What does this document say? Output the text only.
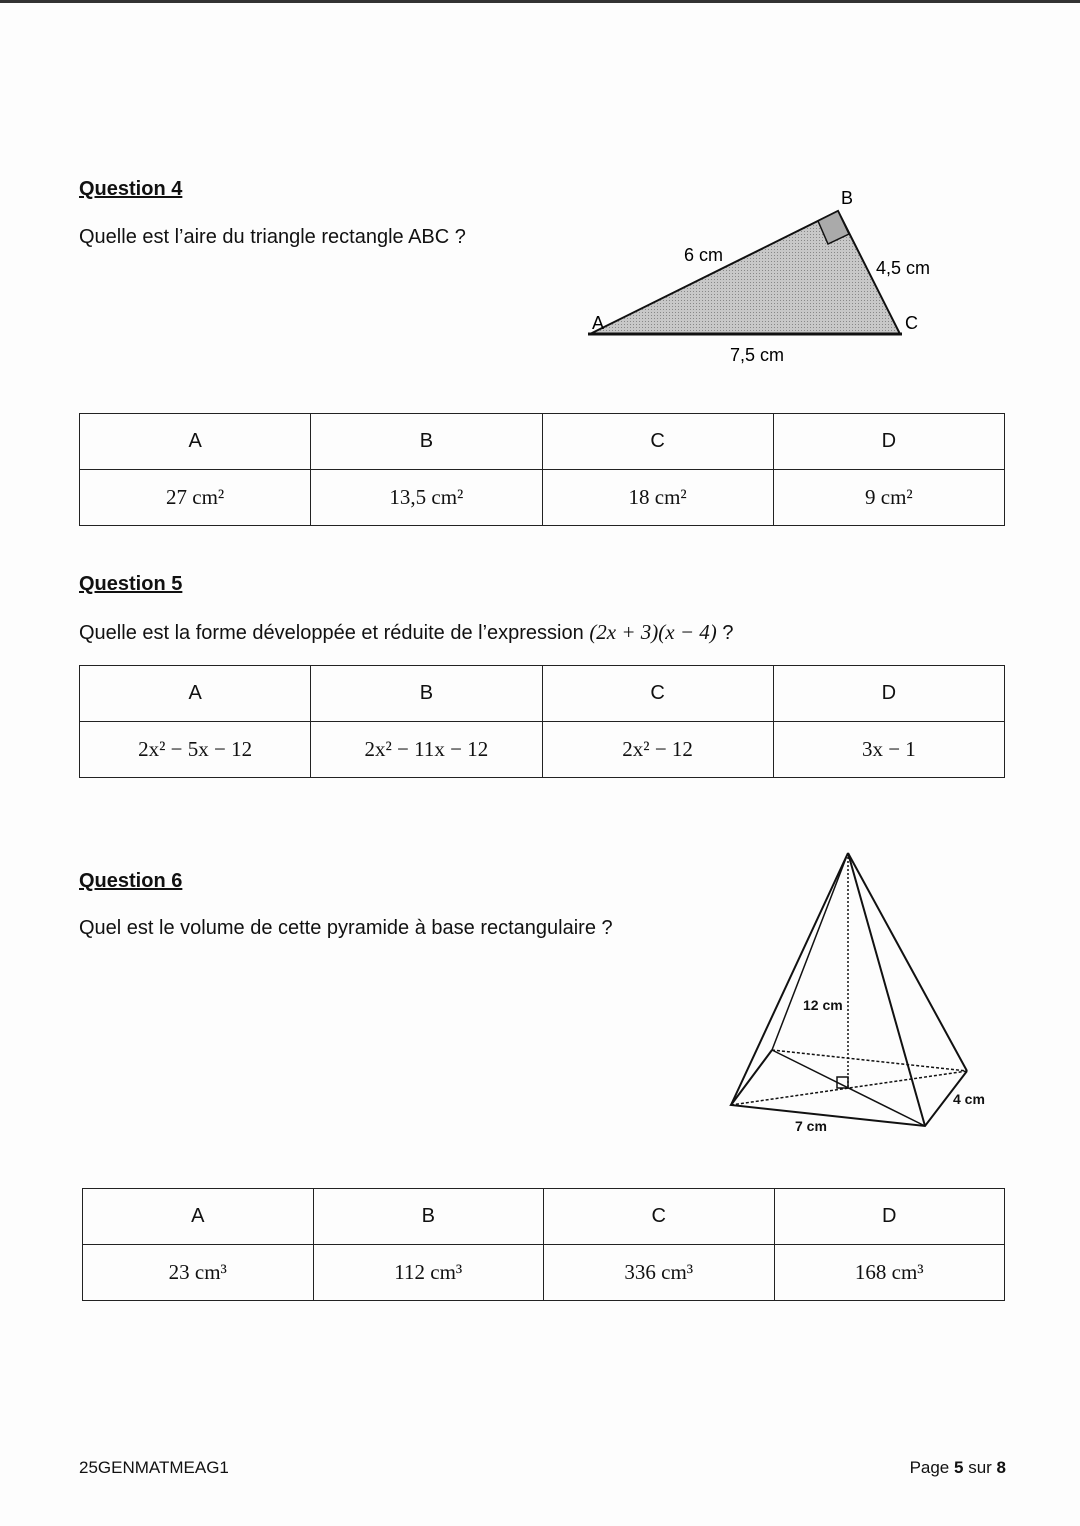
Question 4
Quelle est l’aire du triangle rectangle ABC ?
A
B
C
6 cm
4,5 cm
7,5 cm
12 cm
7 cm
4 cm
A	B	C	D
27 cm²	13,5 cm²	18 cm²	9 cm²
Question 5
Quelle est la forme développée et réduite de l’expression (2x + 3)(x − 4) ?
A	B	C	D
2x² − 5x − 12	2x² − 11x − 12	2x² − 12	3x − 1
Question 6
Quel est le volume de cette pyramide à base rectangulaire ?
A	B	C	D
23 cm³	112 cm³	336 cm³	168 cm³
25GENMATMEAG1	Page 5 sur 8
